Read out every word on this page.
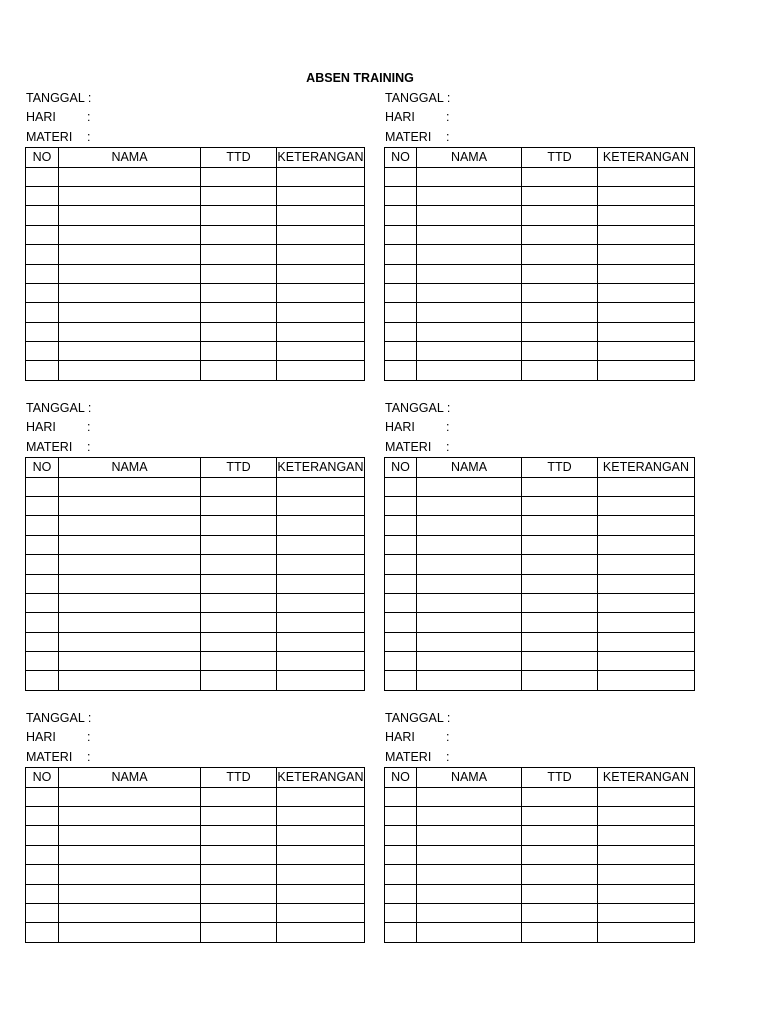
ABSEN TRAINING
TANGGAL :
HARI :
MATERI :
NO	NAMA	TTD	KETERANGAN

TANGGAL :
HARI :
MATERI :
NO	NAMA	TTD	KETERANGAN

TANGGAL :
HARI :
MATERI :
NO	NAMA	TTD	KETERANGAN

TANGGAL :
HARI :
MATERI :
NO	NAMA	TTD	KETERANGAN

TANGGAL :
HARI :
MATERI :
NO	NAMA	TTD	KETERANGAN

TANGGAL :
HARI :
MATERI :
NO	NAMA	TTD	KETERANGAN
